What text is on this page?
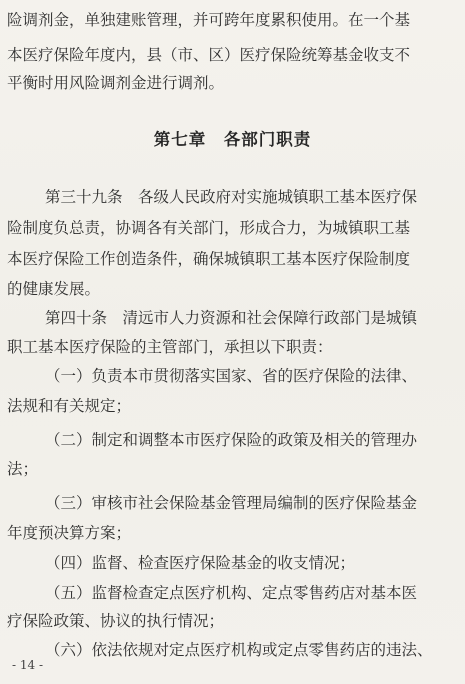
险调剂金，单独建账管理，并可跨年度累积使用。在一个基
本医疗保险年度内，县（市、区）医疗保险统筹基金收支不
平衡时用风险调剂金进行调剂。
第七章　各部门职责
第三十九条　各级人民政府对实施城镇职工基本医疗保
险制度负总责，协调各有关部门，形成合力，为城镇职工基
本医疗保险工作创造条件，确保城镇职工基本医疗保险制度
的健康发展。
第四十条　清远市人力资源和社会保障行政部门是城镇
职工基本医疗保险的主管部门，承担以下职责：
（一）负责本市贯彻落实国家、省的医疗保险的法律、
法规和有关规定；
（二）制定和调整本市医疗保险的政策及相关的管理办
法；
（三）审核市社会保险基金管理局编制的医疗保险基金
年度预决算方案；
（四）监督、检查医疗保险基金的收支情况；
（五）监督检查定点医疗机构、定点零售药店对基本医
疗保险政策、协议的执行情况；
（六）依法依规对定点医疗机构或定点零售药店的违法、
- 14 -
